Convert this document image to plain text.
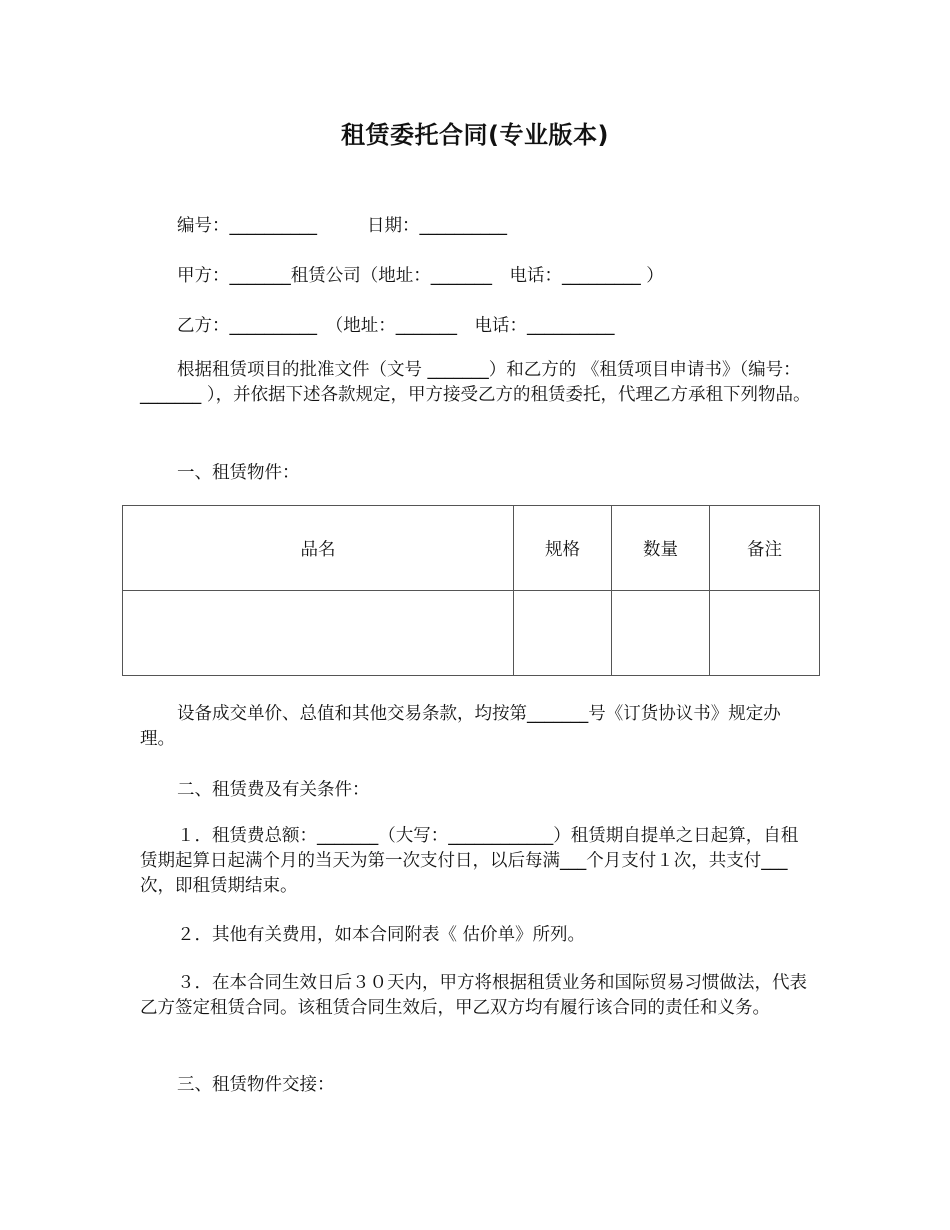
租赁委托合同(专业版本)
编号：__________	日期：__________
甲方：_______租赁公司（地址：_______　电话：_________ ）
乙方：__________　（地址：_______　电话：__________

根据租赁项目的批准文件（文号 _______）和乙方的 《租赁项目申请书》（编号：_______ ），并依据下述各款规定，甲方接受乙方的租赁委托，代理乙方承租下列物品。

一、租赁物件：
品名	规格	数量	备注

设备成交单价、总值和其他交易条款，均按第_______号《订货协议书》规定办理。

二、租赁费及有关条件：

１．租赁费总额：_______（大写：____________）租赁期自提单之日起算，自租赁期起算日起满个月的当天为第一次支付日，以后每满___个月支付１次，共支付___次，即租赁期结束。

２．其他有关费用，如本合同附表《 估价单》所列。

３．在本合同生效日后３０天内，甲方将根据租赁业务和国际贸易习惯做法，代表乙方签定租赁合同。该租赁合同生效后，甲乙双方均有履行该合同的责任和义务。

三、租赁物件交接：
